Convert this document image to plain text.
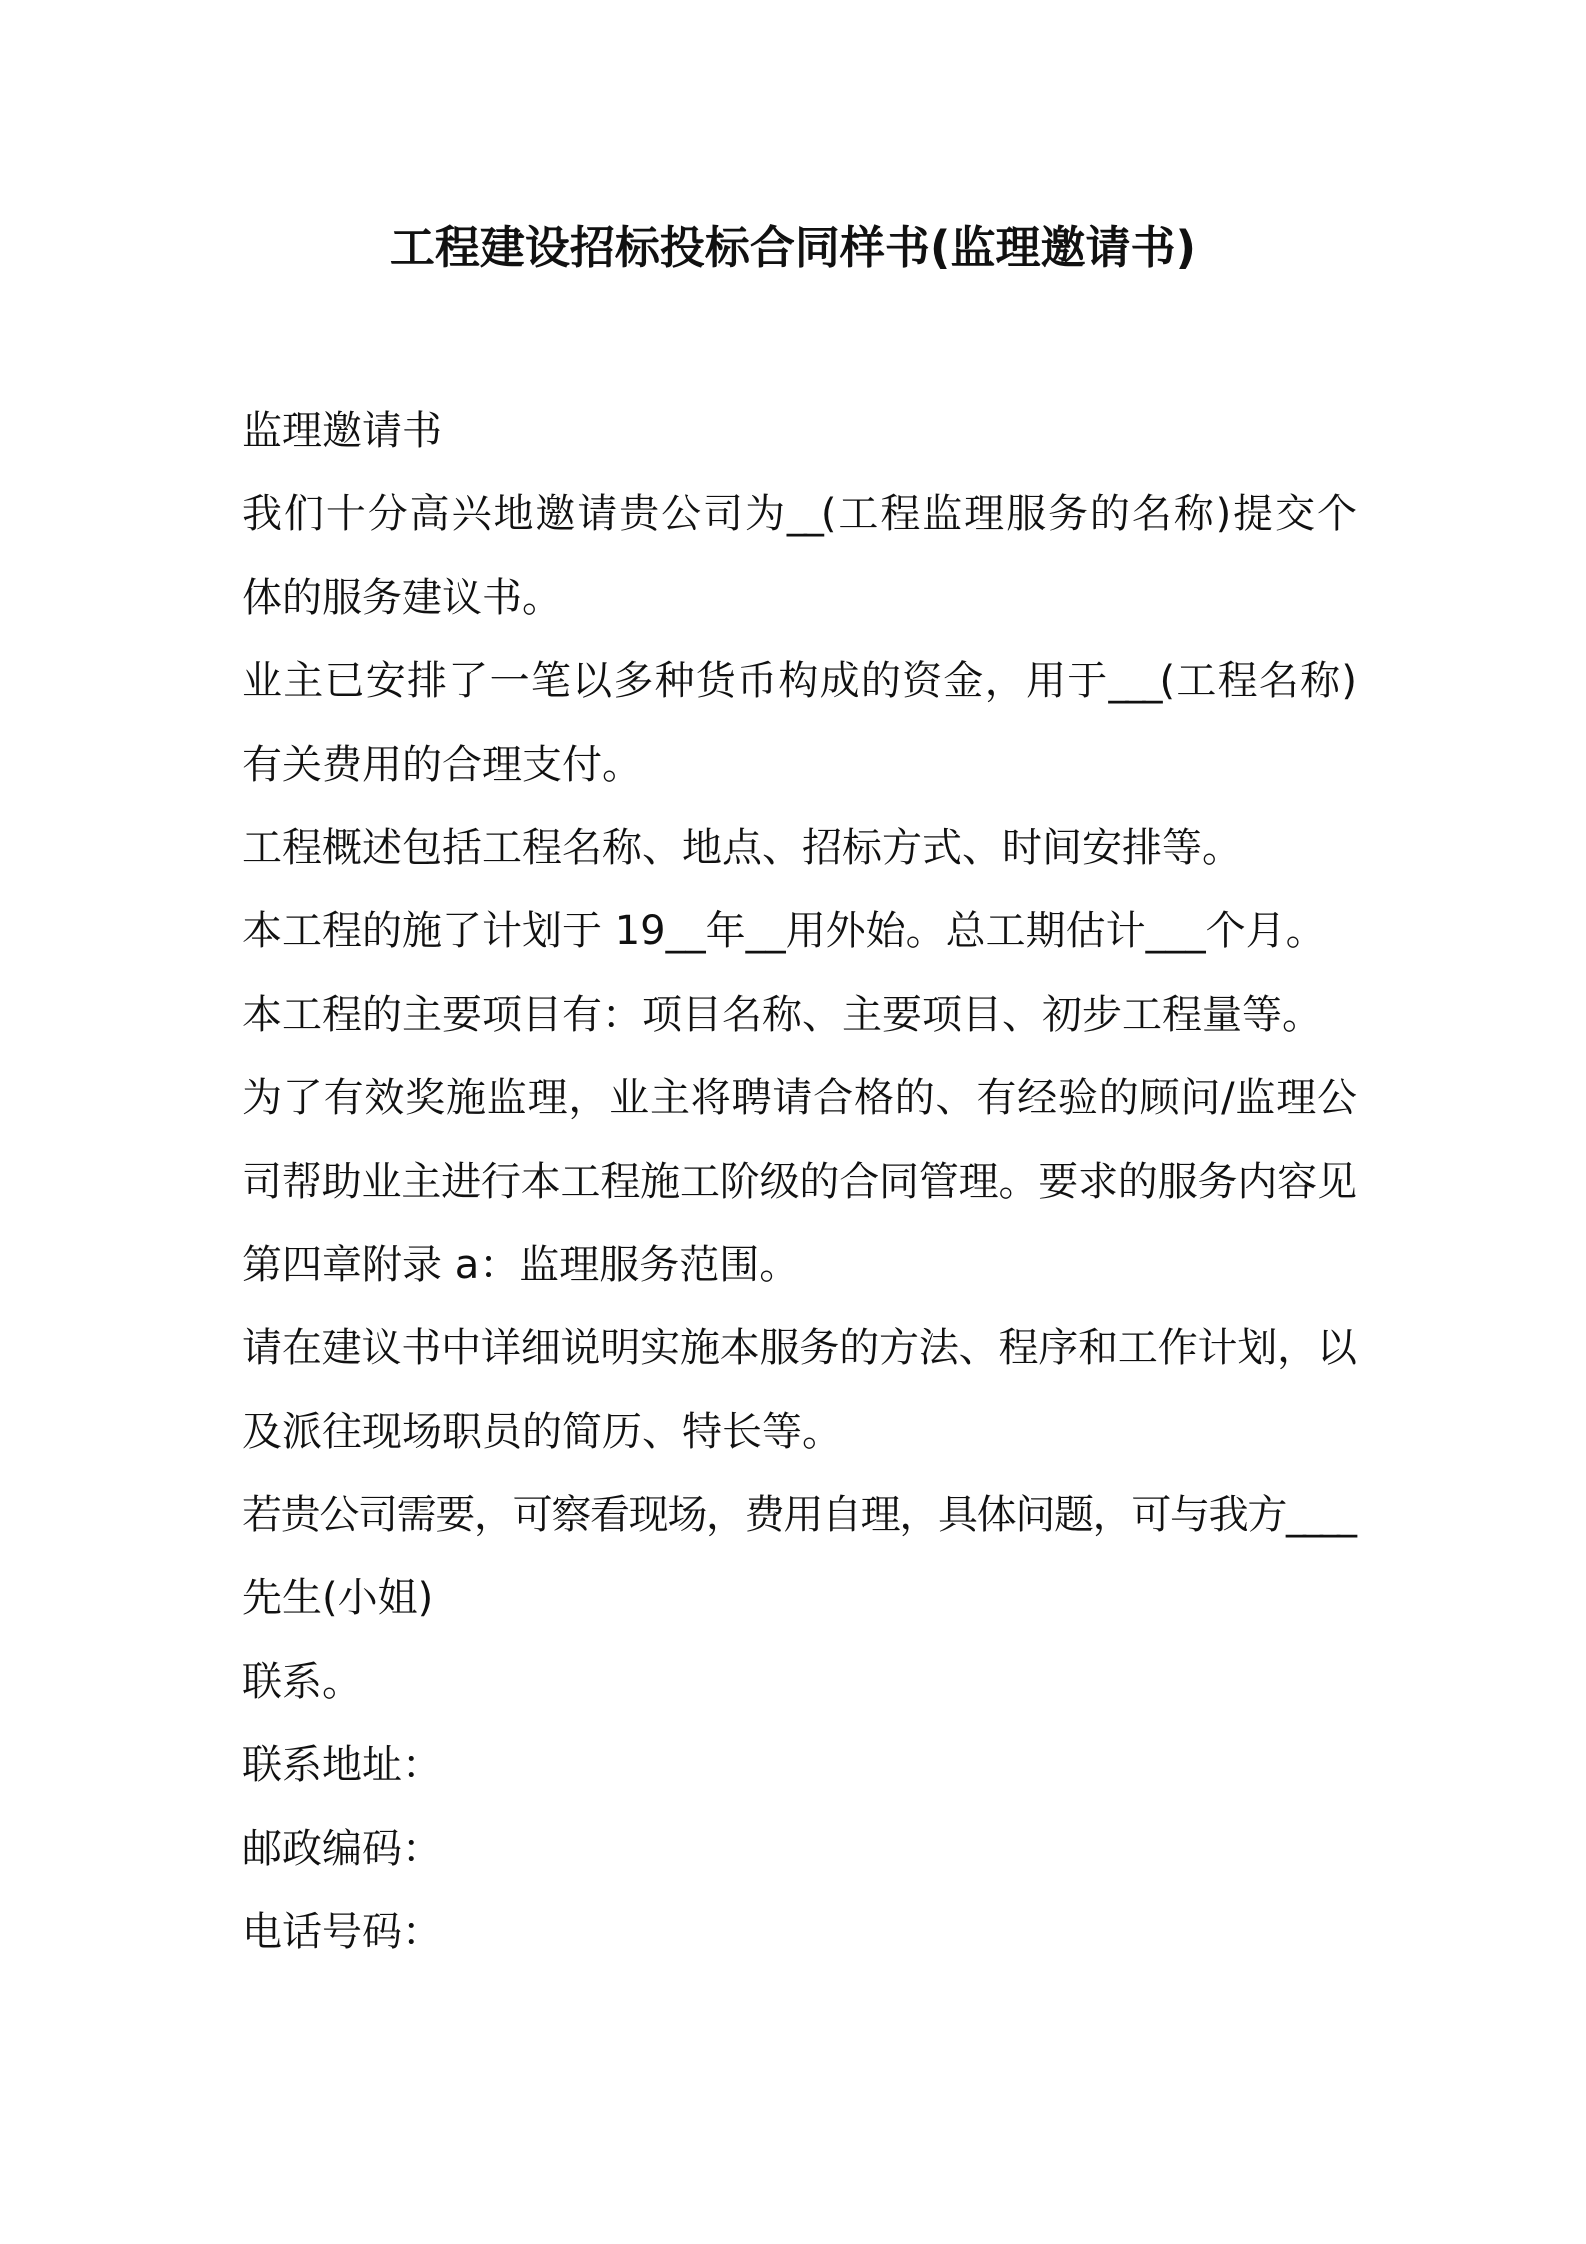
工程建设招标投标合同样书(监理邀请书)
监理邀请书
我们十分高兴地邀请贵公司为__(工程监理服务的名称)提交个
体的服务建议书。
业主已安排了一笔以多种货币构成的资金，用于___(工程名称)
有关费用的合理支付。
工程概述包括工程名称、地点、招标方式、时间安排等。
本工程的施了计划于 19__年__用外始。总工期估计___个月。
本工程的主要项目有：项目名称、主要项目、初步工程量等。
为了有效奖施监理，业主将聘请合格的、有经验的顾问/监理公
司帮助业主进行本工程施工阶级的合同管理。要求的服务内容见
第四章附录 a：监理服务范围。
请在建议书中详细说明实施本服务的方法、程序和工作计划，以
及派往现场职员的简历、特长等。
若贵公司需要，可察看现场，费用自理，具体问题，可与我方____
先生(小姐)
联系。
联系地址：
邮政编码：
电话号码：
